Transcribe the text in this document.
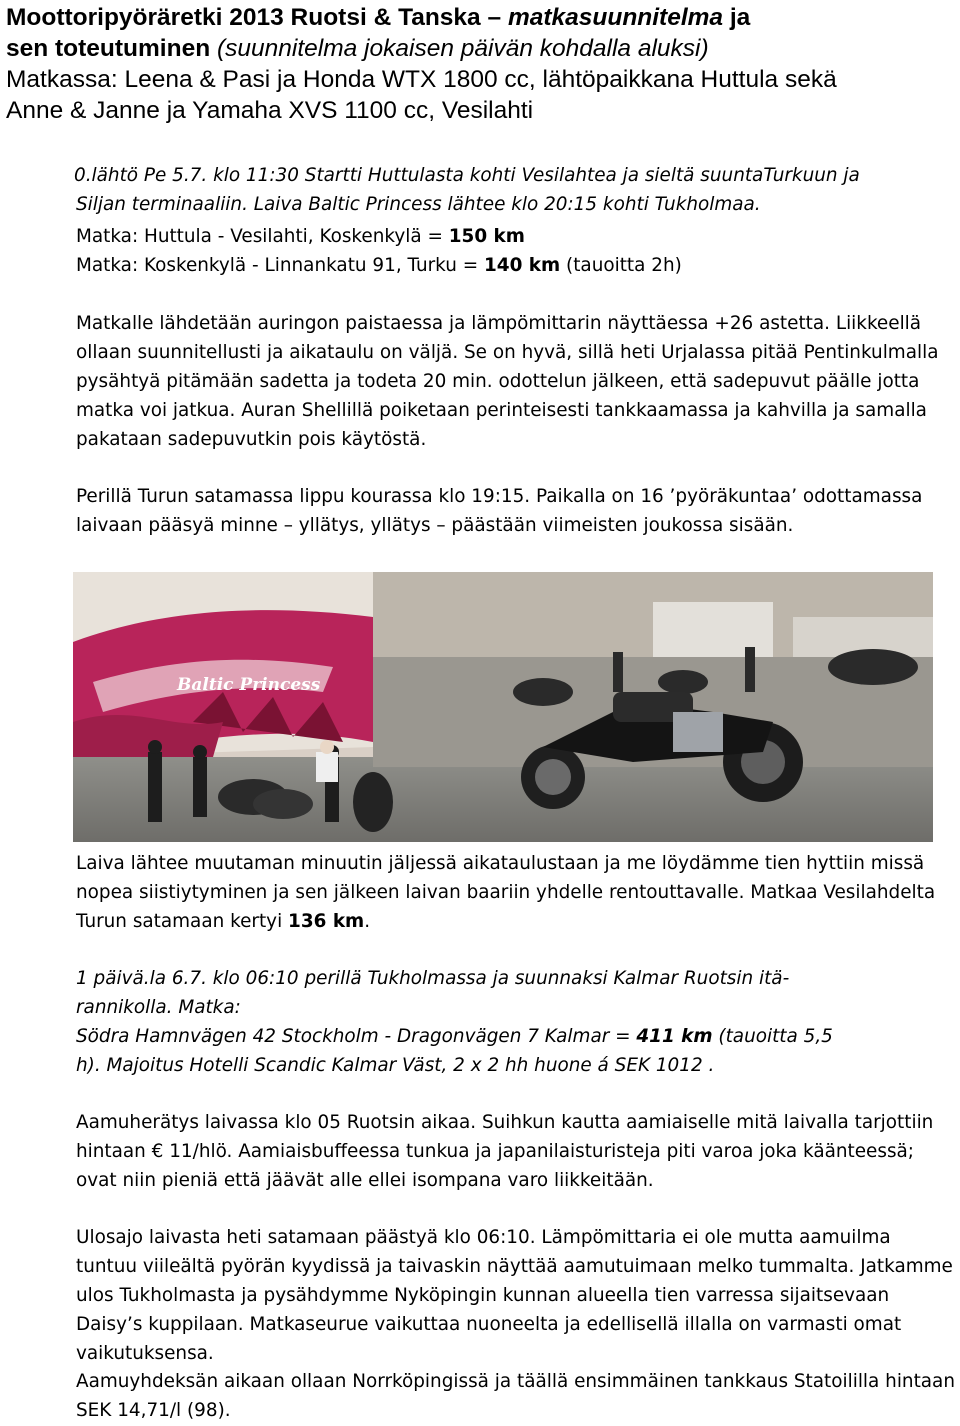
Moottoripyöräretki 2013 Ruotsi & Tanska – matkasuunnitelma ja
sen toteutuminen (suunnitelma jokaisen päivän kohdalla aluksi)
Matkassa: Leena & Pasi ja Honda WTX 1800 cc, lähtöpaikkana Huttula sekä
Anne & Janne ja Yamaha XVS 1100 cc, Vesilahti
0.lähtö Pe 5.7. klo 11:30 Startti Huttulasta kohti Vesilahtea ja sieltä suuntaTurkuun ja
Siljan terminaaliin. Laiva Baltic Princess lähtee klo 20:15 kohti Tukholmaa.
Matka: Huttula - Vesilahti, Koskenkylä = 150 km
Matka: Koskenkylä - Linnankatu 91, Turku = 140 km (tauoitta 2h)
Matkalle lähdetään auringon paistaessa ja lämpömittarin näyttäessa +26 astetta. Liikkeellä ollaan suunnitellusti ja aikataulu on väljä. Se on hyvä, sillä heti Urjalassa pitää Pentinkulmalla pysähtyä pitämään sadetta ja todeta 20 min. odottelun jälkeen, että sadepuvut päälle jotta matka voi jatkua. Auran Shellillä poiketaan perinteisesti tankkaamassa ja kahvilla ja samalla pakataan sadepuvutkin pois käytöstä.
Perillä Turun satamassa lippu kourassa klo 19:15. Paikalla on 16 ’pyöräkuntaa’ odottamassa laivaan pääsyä minne – yllätys, yllätys – päästään viimeisten joukossa sisään.
Baltic Princess
Laiva lähtee muutaman minuutin jäljessä aikataulustaan ja me löydämme tien hyttiin missä nopea siistiytyminen ja sen jälkeen laivan baariin yhdelle rentouttavalle. Matkaa Vesilahdelta Turun satamaan kertyi 136 km.
1 päivä.la 6.7. klo 06:10 perillä Tukholmassa ja suunnaksi Kalmar Ruotsin itä-
rannikolla. Matka:
Södra Hamnvägen 42 Stockholm - Dragonvägen 7 Kalmar = 411 km (tauoitta 5,5
h). Majoitus Hotelli Scandic Kalmar Väst, 2 x 2 hh huone á SEK 1012 .
Aamuherätys laivassa klo 05 Ruotsin aikaa. Suihkun kautta aamiaiselle mitä laivalla tarjottiin hintaan € 11/hlö. Aamiaisbuffeessa tunkua ja japanilaisturisteja piti varoa joka käänteessä; ovat niin pieniä että jäävät alle ellei isompana varo liikkeitään.
Ulosajo laivasta heti satamaan päästyä klo 06:10. Lämpömittaria ei ole mutta aamuilma tuntuu viileältä pyörän kyydissä ja taivaskin näyttää aamutuimaan melko tummalta. Jatkamme ulos Tukholmasta ja pysähdymme Nyköpingin kunnan alueella tien varressa sijaitsevaan Daisy’s kuppilaan. Matkaseurue vaikuttaa nuoneelta ja edellisellä illalla on varmasti omat vaikutuksensa.
Aamuyhdeksän aikaan ollaan Norrköpingissä ja täällä ensimmäinen tankkaus Statoililla hintaan SEK 14,71/l (98).
